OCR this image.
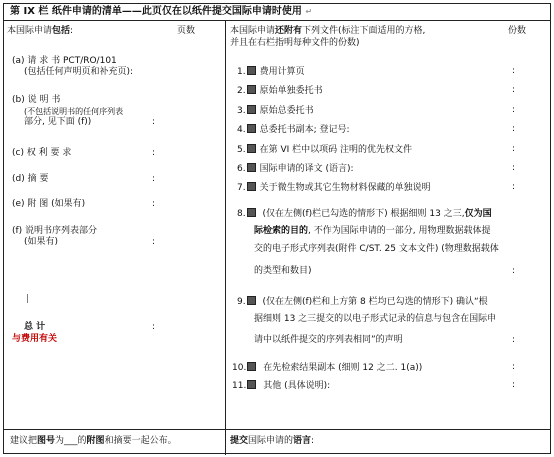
第 IX 栏 纸件申请的清单——此页仅在以纸件提交国际申请时使用 ↵
本国际申请包括:	页数
(a) 请 求 书 PCT/RO/101
(包括任何声明页和补充页):
(b) 说 明 书
(不包括说明书的任何序列表
部分, 见下面 (f))	:
(c) 权 利 要 求	:
(d) 摘 要	:
(e) 附 图 (如果有)	:
(f) 说明书序列表部分
(如果有)	:
|
总 计	:
与费用有关
本国际申请还附有下列文件(标注下面适用的方格,
并且在右栏指明每种文件的份数)
份数
1. 费用计算页	:
2. 原始单独委托书	:
3. 原始总委托书	:
4. 总委托书副本; 登记号:	:
5. 在第 VI 栏中以项码 注明的优先权文件	:
6. 国际申请的译文 (语言):	:
7. 关于微生物或其它生物材料保藏的单独说明	:
8. (仅在左侧(f)栏已勾选的情形下) 根据细则 13 之三,仅为国
际检索的目的, 不作为国际申请的一部分, 用物理数据载体提
交的电子形式序列表(附件 C/ST. 25 文本文件) (物理数据载体
的类型和数目)	:
9. (仅在左侧(f)栏和上方第 8 栏均已勾选的情形下) 确认“根
据细则 13 之三提交的以电子形式记录的信息与包含在国际申
请中以纸件提交的序列表相同”的声明	:
10. 在先检索结果副本 (细则 12 之二. 1(a))	:
11. 其他 (具体说明):	:
建议把图号为___的附图和摘要一起公布。	提交国际申请的语言:
